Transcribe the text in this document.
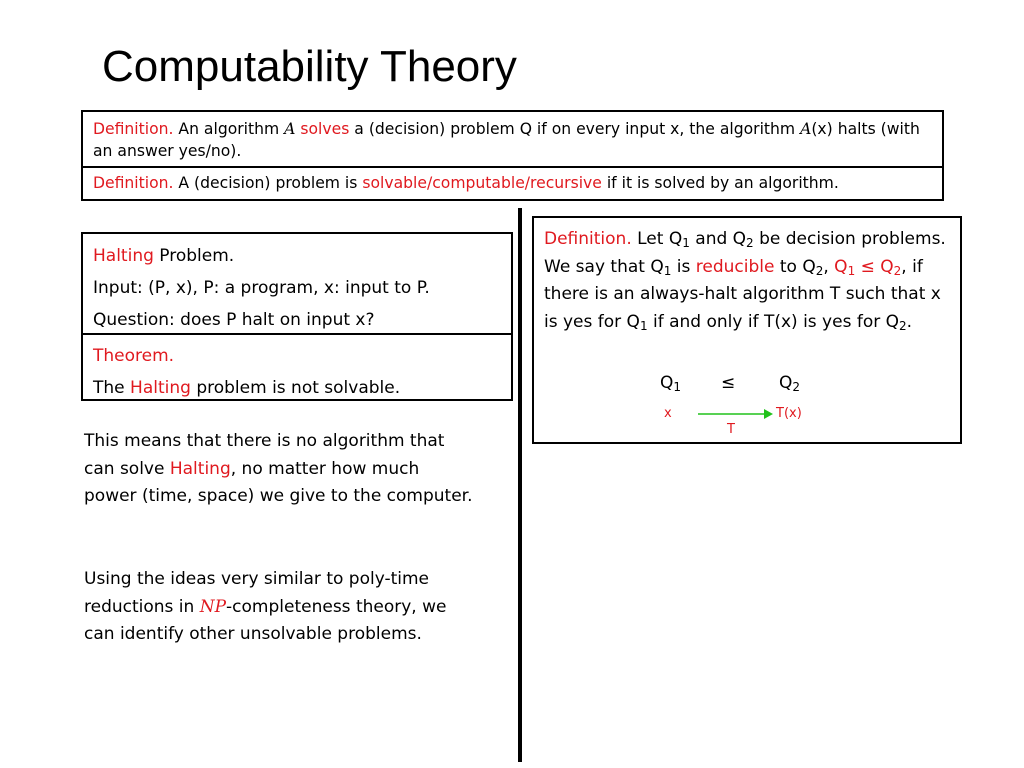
Computability Theory
Definition. An algorithm A solves a (decision) problem Q if on every input x, the algorithm A(x) halts (with an answer yes/no).
Definition. A (decision) problem is solvable/computable/recursive if it is solved by an algorithm.
Halting Problem.
Input: (P, x), P: a program, x: input to P.
Question: does P halt on input x?
Theorem.
The Halting problem is not solvable.

This means that there is no algorithm that can solve Halting, no matter how much power (time, space) we give to the computer.

Using the ideas very similar to poly-time reductions in NP-completeness theory, we can identify other unsolvable problems.

Definition. Let $Q_1$ and $Q_2$ be decision problems. We say that $Q_1$ is reducible to $Q_2$, $Q_1 \le Q_2$, if there is an always-halt algorithm T such that x is yes for $Q_1$ if and only if T(x) is yes for $Q_2$.

$Q_1$ ≤	$Q_2$
x	T(x)
T
